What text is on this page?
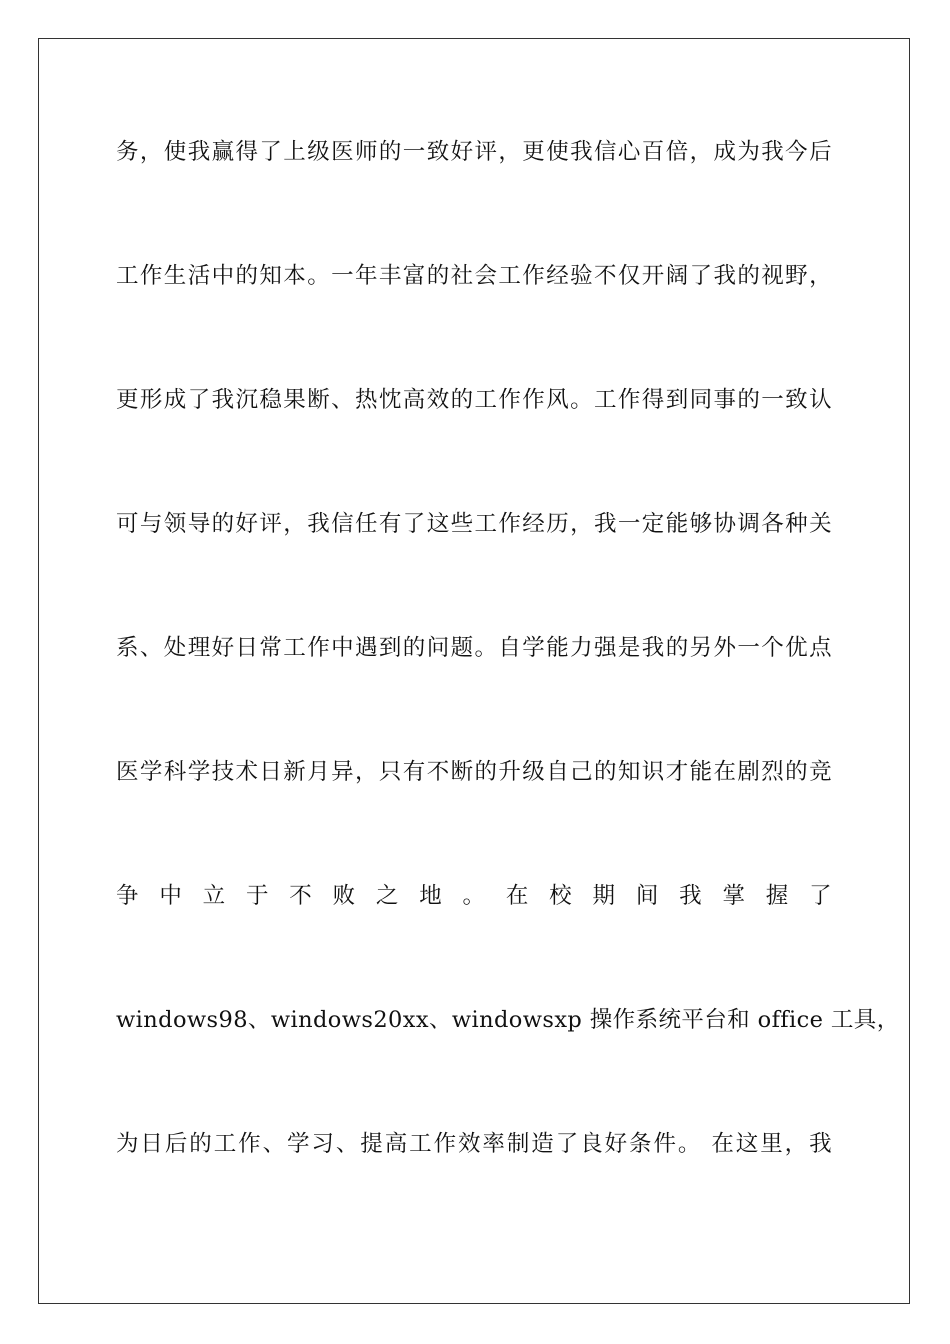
务，使我赢得了上级医师的一致好评，更使我信心百倍，成为我今后
工作生活中的知本。一年丰富的社会工作经验不仅开阔了我的视野，
更形成了我沉稳果断、热忱高效的工作作风。工作得到同事的一致认
可与领导的好评，我信任有了这些工作经历，我一定能够协调各种关
系、处理好日常工作中遇到的问题。自学能力强是我的另外一个优点
医学科学技术日新月异，只有不断的升级自己的知识才能在剧烈的竞
争中立于不败之地。在校期间我掌握了
windows98、windows20xx、windowsxp 操作系统平台和 office 工具，
为日后的工作、学习、提高工作效率制造了良好条件。 在这里，我
